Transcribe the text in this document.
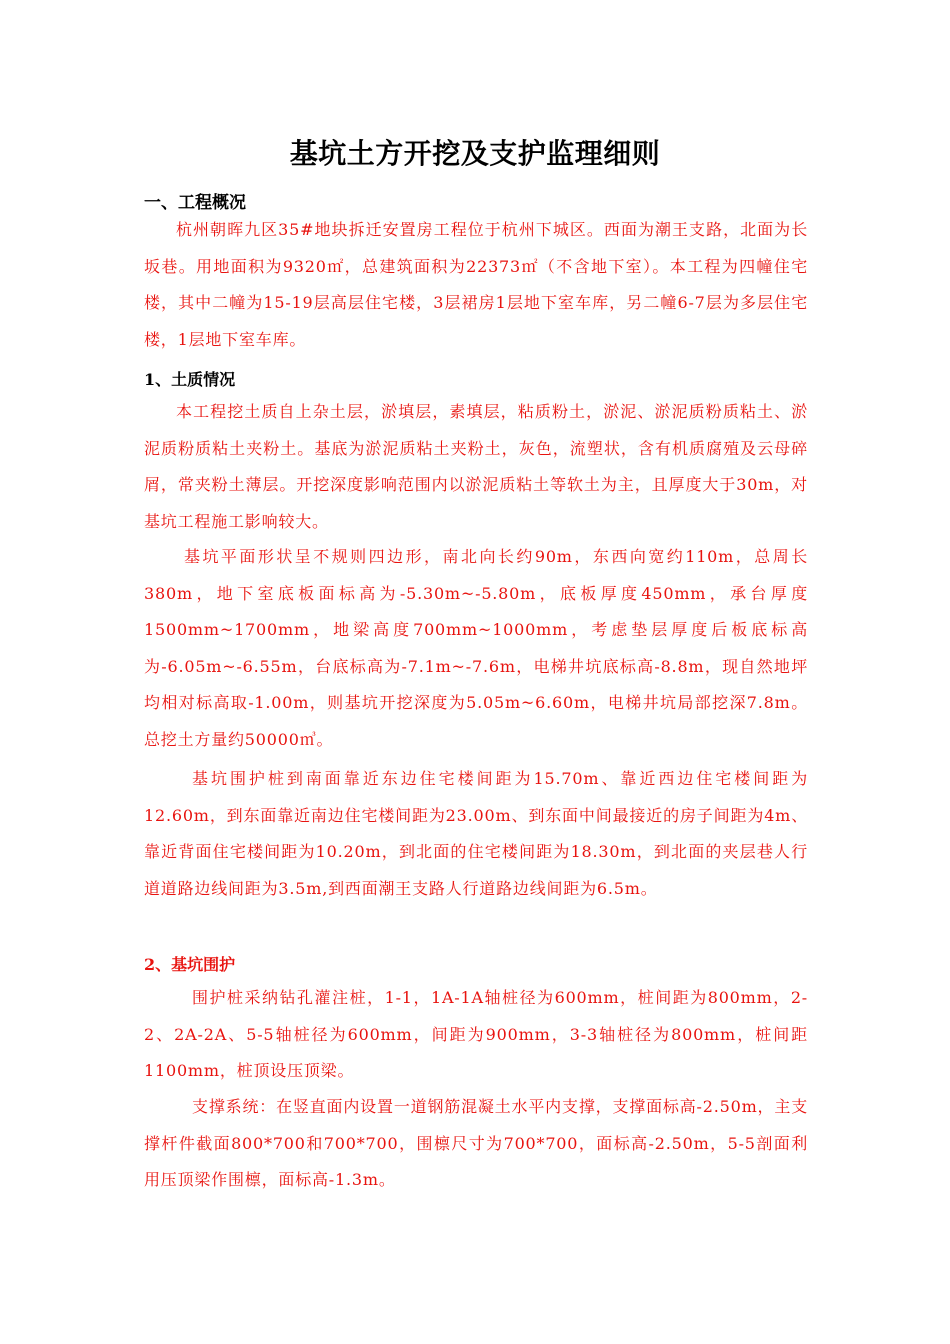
基坑土方开挖及支护监理细则
一、工程概况
杭州朝晖九区35#地块拆迁安置房工程位于杭州下城区。西面为潮王支路，北面为长坂巷。用地面积为9320㎡，总建筑面积为22373㎡（不含地下室）。本工程为四幢住宅楼，其中二幢为15-19层高层住宅楼，3层裙房1层地下室车库，另二幢6-7层为多层住宅楼，1层地下室车库。
1、土质情况
本工程挖土质自上杂土层，淤填层，素填层，粘质粉土，淤泥、淤泥质粉质粘土、淤泥质粉质粘土夹粉土。基底为淤泥质粘土夹粉土，灰色，流塑状，含有机质腐殖及云母碎屑，常夹粉土薄层。开挖深度影响范围内以淤泥质粘土等软土为主，且厚度大于30m，对基坑工程施工影响较大。
基坑平面形状呈不规则四边形，南北向长约90m，东西向宽约110m，总周长380m，地下室底板面标高为-5.30m~-5.80m，底板厚度450mm，承台厚度1500mm~1700mm，地梁高度700mm~1000mm，考虑垫层厚度后板底标高为-6.05m~-6.55m，台底标高为-7.1m~-7.6m，电梯井坑底标高-8.8m，现自然地坪均相对标高取-1.00m，则基坑开挖深度为5.05m~6.60m，电梯井坑局部挖深7.8m。总挖土方量约50000㎥。
基坑围护桩到南面靠近东边住宅楼间距为15.70m、靠近西边住宅楼间距为12.60m，到东面靠近南边住宅楼间距为23.00m、到东面中间最接近的房子间距为4m、靠近背面住宅楼间距为10.20m，到北面的住宅楼间距为18.30m，到北面的夹层巷人行道道路边线间距为3.5m,到西面潮王支路人行道路边线间距为6.5m。
2、基坑围护
围护桩采纳钻孔灌注桩，1-1，1A-1A轴桩径为600mm，桩间距为800mm，2-2、2A-2A、5-5轴桩径为600mm，间距为900mm，3-3轴桩径为800mm，桩间距1100mm，桩顶设压顶梁。
支撑系统：在竖直面内设置一道钢筋混凝土水平内支撑，支撑面标高-2.50m，主支撑杆件截面800*700和700*700，围檩尺寸为700*700，面标高-2.50m，5-5剖面利用压顶梁作围檩，面标高-1.3m。
